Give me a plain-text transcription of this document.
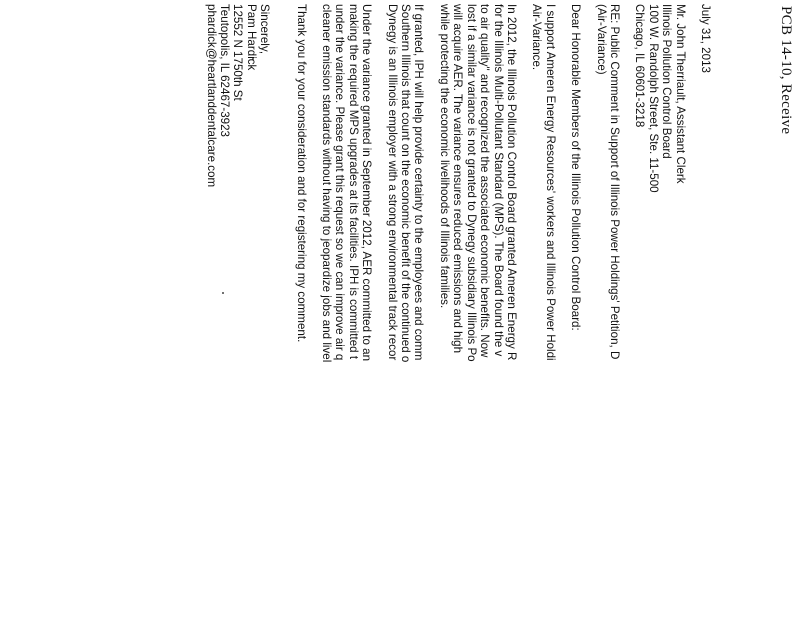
PCB 14-10, Receive

July 31, 2013

Mr. John Therriault, Assistant Clerk

Illinois Pollution Control Board

100 W. Randolph Street, Ste. 11-500

Chicago, IL 60601-3218

RE: Public Comment in Support of Illinois Power Holdings' Petition, D

(Air-Variance)

Dear Honorable Members of the Illinois Pollution Control Board:

I support Ameren Energy Resources' workers and Illinois Power Holdi

Air-Variance.

In 2012, the Illinois Pollution Control Board granted Ameren Energy R

for the Illinois Multi-Pollutant Standard (MPS). The Board found the v

to air quality" and recognized the associated economic benefits. Now

lost if a similar variance is not granted to Dynegy subsidiary Illinois Po

will acquire AER. The variance ensures reduced emissions and high

while protecting the economic livelihoods of Illinois families.

If granted, IPH will help provide certainty to the employees and comm

Southern Illinois that count on the economic benefit of the continued o

Dynegy is an Illinois employer with a strong environmental track recor

Under the variance granted in September 2012, AER committed to an

making the required MPS upgrades at its facilities. IPH is committed t

under the variance. Please grant this request so we can improve air q

cleaner emission standards without having to jeopardize jobs and livel

Thank you for your consideration and for registering my comment.

Sincerely,

Pam Hardick

12552 N 1750th St

Teutopolis, IL 62467-3923

phardick@heartlanddentalcare.com
